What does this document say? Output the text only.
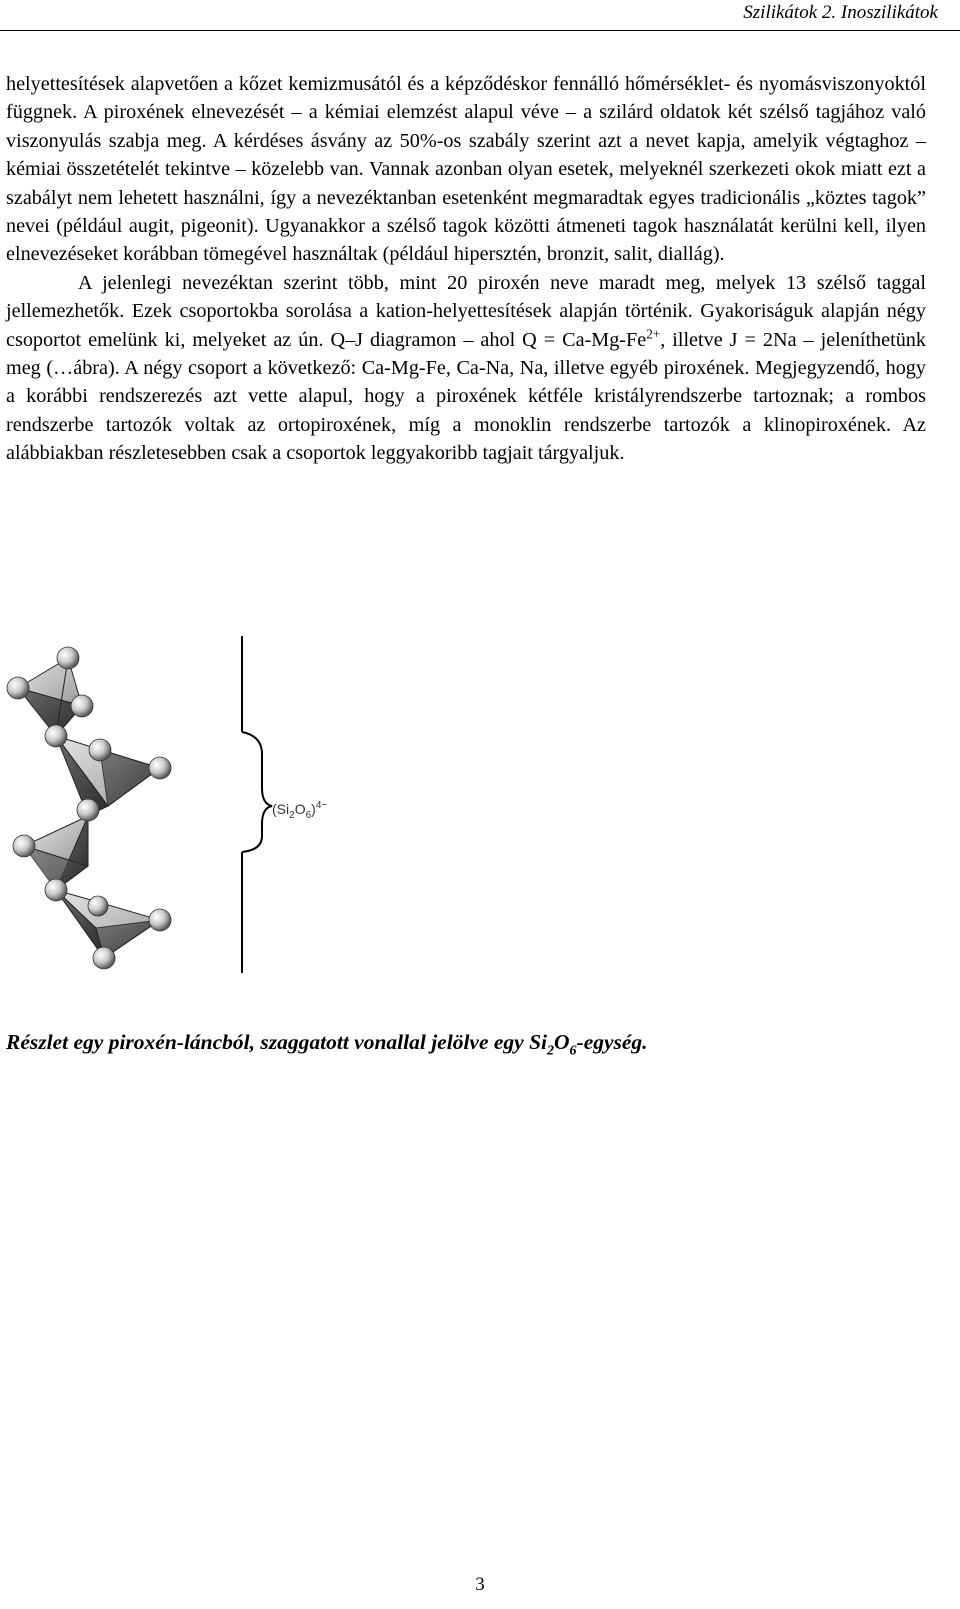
Szilikátok 2. Inoszilikátok

helyettesítések alapvetően a kőzet kemizmusától és a képződéskor fennálló hőmérséklet- és nyomásviszonyoktól függnek. A piroxének elnevezését – a kémiai elemzést alapul véve – a szilárd oldatok két szélső tagjához való viszonyulás szabja meg. A kérdéses ásvány az 50%-os szabály szerint azt a nevet kapja, amelyik végtaghoz – kémiai összetételét tekintve – közelebb van. Vannak azonban olyan esetek, melyeknél szerkezeti okok miatt ezt a szabályt nem lehetett használni, így a nevezéktanban esetenként megmaradtak egyes tradicionális „köztes tagok” nevei (például augit, pigeonit). Ugyanakkor a szélső tagok közötti átmeneti tagok használatát kerülni kell, ilyen elnevezéseket korábban tömegével használtak (például hipersztén, bronzit, salit, diallág).

A jelenlegi nevezéktan szerint több, mint 20 piroxén neve maradt meg, melyek 13 szélső taggal jellemezhetők. Ezek csoportokba sorolása a kation-helyettesítések alapján történik. Gyakoriságuk alapján négy csoportot emelünk ki, melyeket az ún. Q–J diagramon – ahol $Q = Ca-Mg-Fe^{2+}$, illetve J = 2Na – jeleníthetünk meg (…ábra). A négy csoport a következő: Ca-Mg-Fe, Ca-Na, Na, illetve egyéb piroxének. Megjegyzendő, hogy a korábbi rendszerezés azt vette alapul, hogy a piroxének kétféle kristályrendszerbe tartoznak; a rombos rendszerbe tartozók voltak az ortopiroxének, míg a monoklin rendszerbe tartozók a klinopiroxének. Az alábbiakban részletesebben csak a csoportok leggyakoribb tagjait tárgyaljuk.

$(Si_2O_6)^{4-}$
Részlet egy piroxén-láncból, szaggatott vonallal jelölve egy $Si_2O_6$-egység.
3
